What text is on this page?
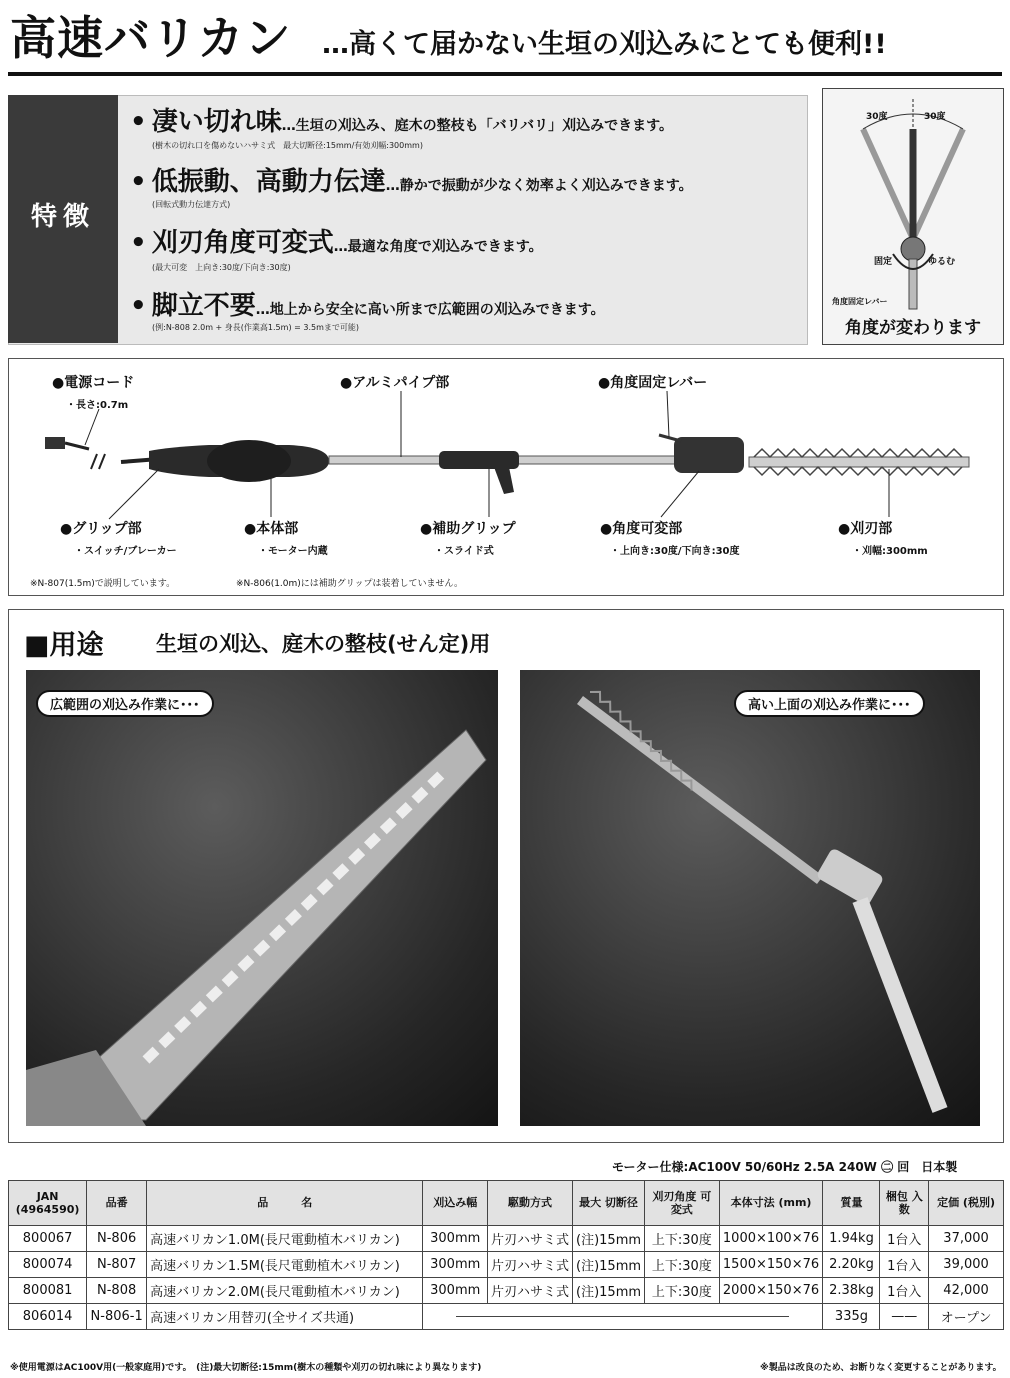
高速バリカン …高くて届かない生垣の刈込みにとても便利!!
特徴
• 凄い切れ味…生垣の刈込み、庭木の整枝も「バリバリ」刈込みできます。
(樹木の切れ口を傷めないハサミ式　最大切断径:15mm/有効刈幅:300mm)
• 低振動、高動力伝達…静かで振動が少なく効率よく刈込みできます。
(回転式動力伝達方式)
• 刈刃角度可変式…最適な角度で刈込みできます。
(最大可変　上向き:30度/下向き:30度)
• 脚立不要…地上から安全に高い所まで広範囲の刈込みできます。
(例:N-808 2.0m + 身長(作業高1.5m) = 3.5mまで可能)
30度	30度
固定	ゆるむ
角度固定レバー
角度が変わります
●電源コード
・長さ:0.7m
●アルミパイプ部	●角度固定レバー
●グリップ部
・スイッチ/ブレーカー
●本体部
・モーター内蔵
●補助グリップ
・スライド式
●角度可変部
・上向き:30度/下向き:30度
●刈刃部
・刈幅:300mm
※N-807(1.5m)で説明しています。	※N-806(1.0m)には補助グリップは装着していません。
■用途 生垣の刈込、庭木の整枝(せん定)用
広範囲の刈込み作業に･･･	高い上面の刈込み作業に･･･
モーター仕様:AC100V 50/60Hz 2.5A 240W ㊁ 回　日本製
JAN (4964590)	品番	品　　　名	刈込み幅	駆動方式	最大 切断径	刈刃角度 可変式	本体寸法 (mm)	質量	梱包 入数	定価 (税別)
800067	N-806	高速バリカン1.0M(長尺電動植木バリカン)	300mm	片刃ハサミ式	(注)15mm	上下:30度	1000×100×76	1.94kg	1台入	37,000
800074	N-807	高速バリカン1.5M(長尺電動植木バリカン)	300mm	片刃ハサミ式	(注)15mm	上下:30度	1500×150×76	2.20kg	1台入	39,000
800081	N-808	高速バリカン2.0M(長尺電動植木バリカン)	300mm	片刃ハサミ式	(注)15mm	上下:30度	2000×150×76	2.38kg	1台入	42,000
806014	N-806-1	高速バリカン用替刃(全サイズ共通)						335g	——	オープン
※使用電源はAC100V用(一般家庭用)です。　(注)最大切断径:15mm(樹木の種類や刈刃の切れ味により異なります)	※製品は改良のため、お断りなく変更することがあります。
